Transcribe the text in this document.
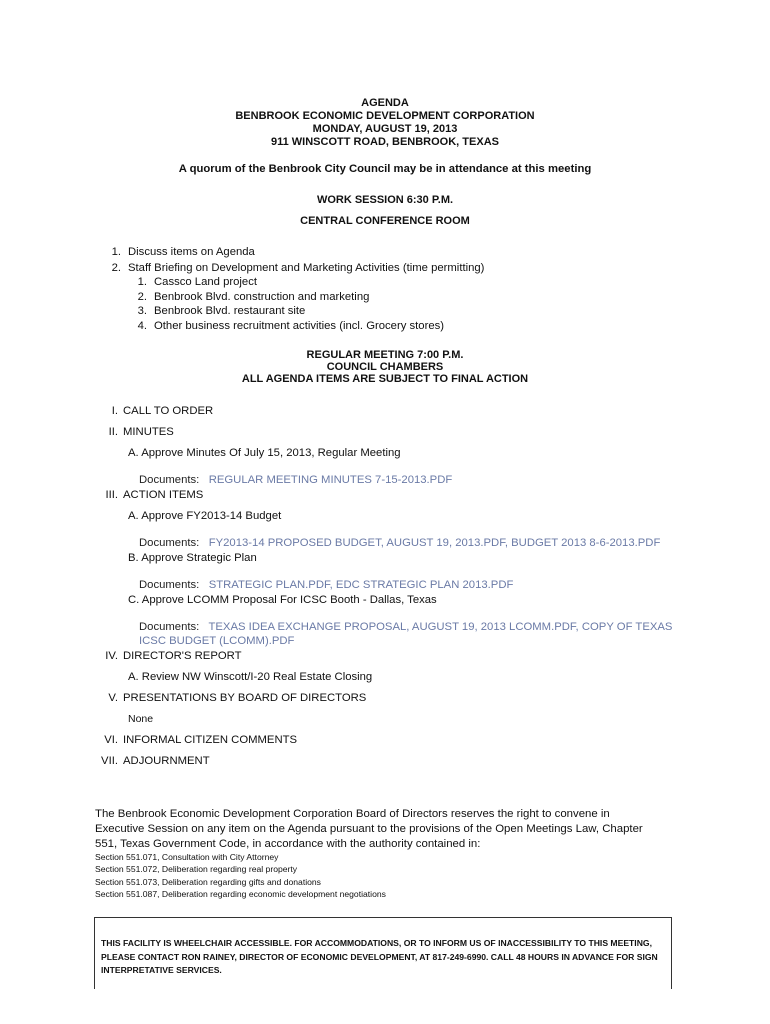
AGENDA
BENBROOK ECONOMIC DEVELOPMENT CORPORATION
MONDAY, AUGUST 19, 2013
911 WINSCOTT ROAD, BENBROOK, TEXAS
A quorum of the Benbrook City Council may be in attendance at this meeting
WORK SESSION 6:30 P.M.
CENTRAL CONFERENCE ROOM
1. Discuss items on Agenda
2. Staff Briefing on Development and Marketing Activities (time permitting)
1. Cassco Land project
2. Benbrook Blvd. construction and marketing
3. Benbrook Blvd. restaurant site
4. Other business recruitment activities (incl. Grocery stores)
REGULAR MEETING 7:00 P.M.
COUNCIL CHAMBERS
ALL AGENDA ITEMS ARE SUBJECT TO FINAL ACTION
I. CALL TO ORDER
II. MINUTES
A. Approve Minutes Of July 15, 2013, Regular Meeting
Documents: REGULAR MEETING MINUTES 7-15-2013.PDF
III. ACTION ITEMS
A. Approve FY2013-14 Budget
Documents: FY2013-14 PROPOSED BUDGET, AUGUST 19, 2013.PDF, BUDGET 2013 8-6-2013.PDF
B. Approve Strategic Plan
Documents: STRATEGIC PLAN.PDF, EDC STRATEGIC PLAN 2013.PDF
C. Approve LCOMM Proposal For ICSC Booth - Dallas, Texas
Documents: TEXAS IDEA EXCHANGE PROPOSAL, AUGUST 19, 2013 LCOMM.PDF, COPY OF TEXAS
ICSC BUDGET (LCOMM).PDF
IV. DIRECTOR'S REPORT
A. Review NW Winscott/I-20 Real Estate Closing
V. PRESENTATIONS BY BOARD OF DIRECTORS
None
VI. INFORMAL CITIZEN COMMENTS
VII. ADJOURNMENT
The Benbrook Economic Development Corporation Board of Directors reserves the right to convene in Executive Session on any item on the Agenda pursuant to the provisions of the Open Meetings Law, Chapter 551, Texas Government Code, in accordance with the authority contained in:
Section 551.071, Consultation with City Attorney
Section 551.072, Deliberation regarding real property
Section 551.073, Deliberation regarding gifts and donations
Section 551.087, Deliberation regarding economic development negotiations
THIS FACILITY IS WHEELCHAIR ACCESSIBLE. FOR ACCOMMODATIONS, OR TO INFORM US OF INACCESSIBILITY TO THIS MEETING, PLEASE CONTACT RON RAINEY, DIRECTOR OF ECONOMIC DEVELOPMENT, AT 817-249-6990. CALL 48 HOURS IN ADVANCE FOR SIGN INTERPRETATIVE SERVICES.
